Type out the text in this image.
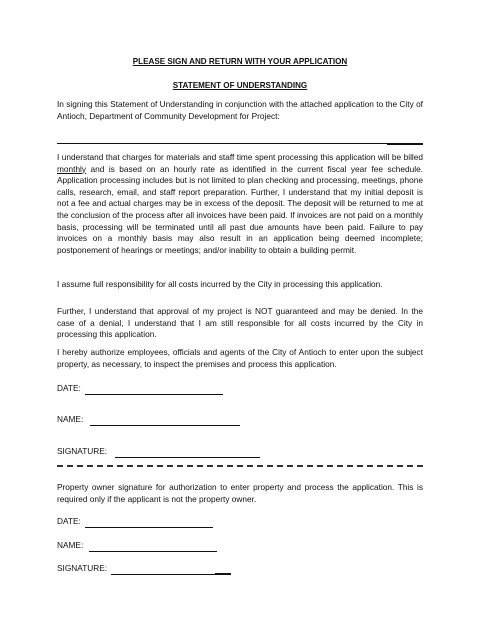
PLEASE SIGN AND RETURN WITH YOUR APPLICATION
STATEMENT OF UNDERSTANDING

In signing this Statement of Understanding in conjunction with the attached application to the City of Antioch, Department of Community Development for Project:

I understand that charges for materials and staff time spent processing this application will be billed monthly and is based on an hourly rate as identified in the current fiscal year fee schedule. Application processing includes but is not limited to plan checking and processing, meetings, phone calls, research, email, and staff report preparation. Further, I understand that my initial deposit is not a fee and actual charges may be in excess of the deposit. The deposit will be returned to me at the conclusion of the process after all invoices have been paid. If invoices are not paid on a monthly basis, processing will be terminated until all past due amounts have been paid. Failure to pay invoices on a monthly basis may also result in an application being deemed incomplete; postponement of hearings or meetings; and/or inability to obtain a building permit.

I assume full responsibility for all costs incurred by the City in processing this application.

Further, I understand that approval of my project is NOT guaranteed and may be denied. In the case of a denial, I understand that I am still responsible for all costs incurred by the City in processing this application.

I hereby authorize employees, officials and agents of the City of Antioch to enter upon the subject property, as necessary, to inspect the premises and process this application.

DATE:
NAME:
SIGNATURE:

Property owner signature for authorization to enter property and process the application. This is required only if the applicant is not the property owner.

DATE:
NAME:
SIGNATURE:
